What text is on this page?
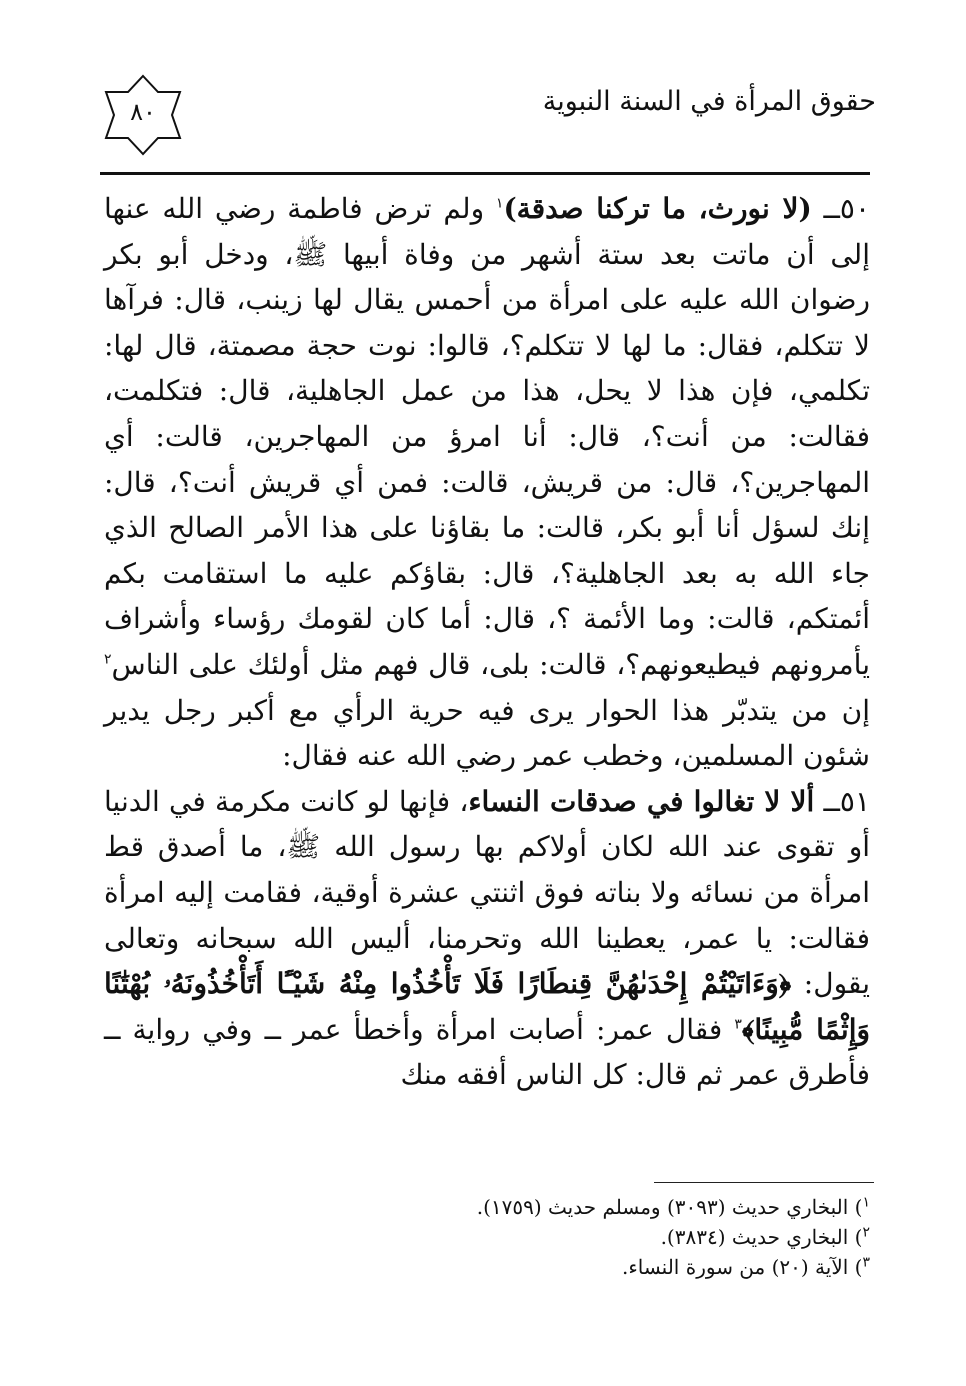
حقوق المرأة في السنة النبوية
٨٠

٥٠ــ (لا نورث، ما تركنا صدقة)$^١$ ولم ترض فاطمة رضي الله عنها إلى أن ماتت بعد ستة أشهر من وفاة أبيها ﷺ، ودخل أبو بكر رضوان الله عليه على امرأة من أحمس يقال لها زينب، قال: فرآها لا تتكلم، فقال: ما لها لا تتكلم؟، قالوا: نوت حجة مصمتة، قال لها: تكلمي، فإن هذا لا يحل، هذا من عمل الجاهلية، قال: فتكلمت، فقالت: من أنت؟، قال: أنا امرؤ من المهاجرين، قالت: أي المهاجرين؟، قال: من قريش، قالت: فمن أي قريش أنت؟، قال: إنك لسؤل أنا أبو بكر، قالت: ما بقاؤنا على هذا الأمر الصالح الذي جاء الله به بعد الجاهلية؟، قال: بقاؤكم عليه ما استقامت بكم أئمتكم، قالت: وما الأئمة ؟، قال: أما كان لقومك رؤساء وأشراف يأمرونهم فيطيعونهم؟، قالت: بلى، قال فهم مثل أولئك على الناس$^٢$ إن من يتدبّر هذا الحوار يرى فيه حرية الرأي مع أكبر رجل يدير شئون المسلمين، وخطب عمر رضي الله عنه فقال:

٥١ــ ألا لا تغالوا في صدقات النساء، فإنها لو كانت مكرمة في الدنيا أو تقوى عند الله لكان أولاكم بها رسول الله ﷺ، ما أصدق قط امرأة من نسائه ولا بناته فوق اثنتي عشرة أوقية، فقامت إليه امرأة فقالت: يا عمر، يعطينا الله وتحرمنا، أليس الله سبحانه وتعالى يقول: ﴿وَءَاتَيْتُمْ إِحْدَىٰهُنَّ قِنطَارًا فَلَا تَأْخُذُوا مِنْهُ شَيْـًٔا أَتَأْخُذُونَهُۥ بُهْتَٰنًا وَإِثْمًا مُّبِينًا﴾$^٣$ فقال عمر: أصابت امرأة وأخطأ عمر ــ وفي رواية ــ فأطرق عمر ثم قال: كل الناس أفقه منك

$^١$) البخاري حديث (٣٠٩٣) ومسلم حديث (١٧٥٩).
$^٢$) البخاري حديث (٣٨٣٤).
$^٣$) الآية (٢٠) من سورة النساء.
